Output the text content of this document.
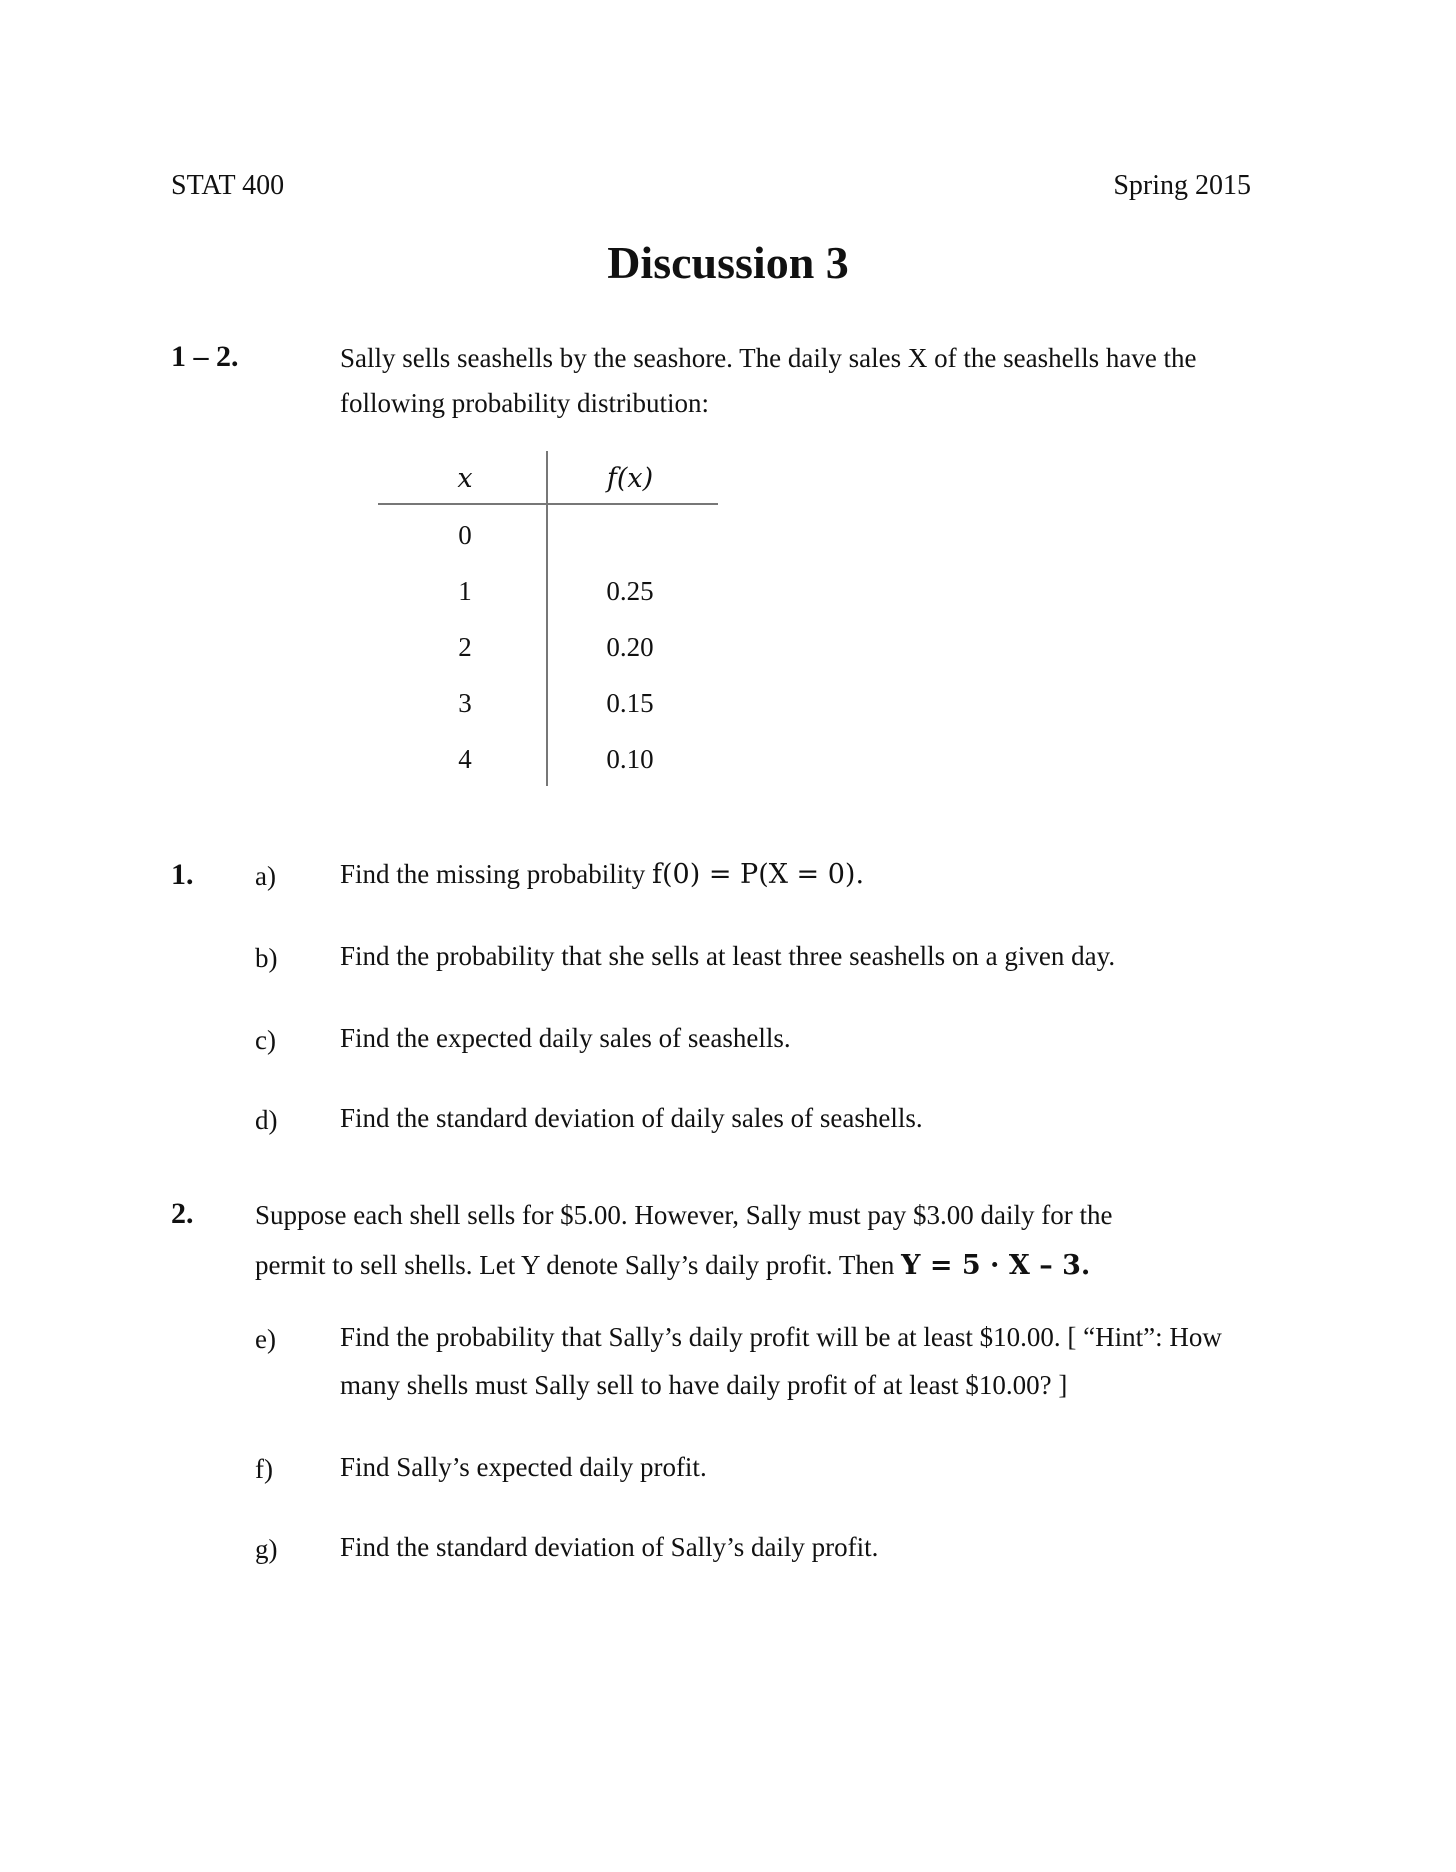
STAT 400	Spring 2015
Discussion 3
1 – 2.	Sally sells seashells by the seashore. The daily sales X of the seashells have the
following probability distribution:
x	f(x)
0
1	0.25
2	0.20
3	0.15
4	0.10
1. a) Find the missing probability f(0) = P(X = 0).
b) Find the probability that she sells at least three seashells on a given day.
c) Find the expected daily sales of seashells.
d) Find the standard deviation of daily sales of seashells.
2. Suppose each shell sells for $5.00. However, Sally must pay $3.00 daily for the
permit to sell shells. Let Y denote Sally’s daily profit. Then Y = 5 · X – 3.
e) Find the probability that Sally’s daily profit will be at least $10.00. [ “Hint”: How
many shells must Sally sell to have daily profit of at least $10.00? ]
f) Find Sally’s expected daily profit.
g) Find the standard deviation of Sally’s daily profit.
